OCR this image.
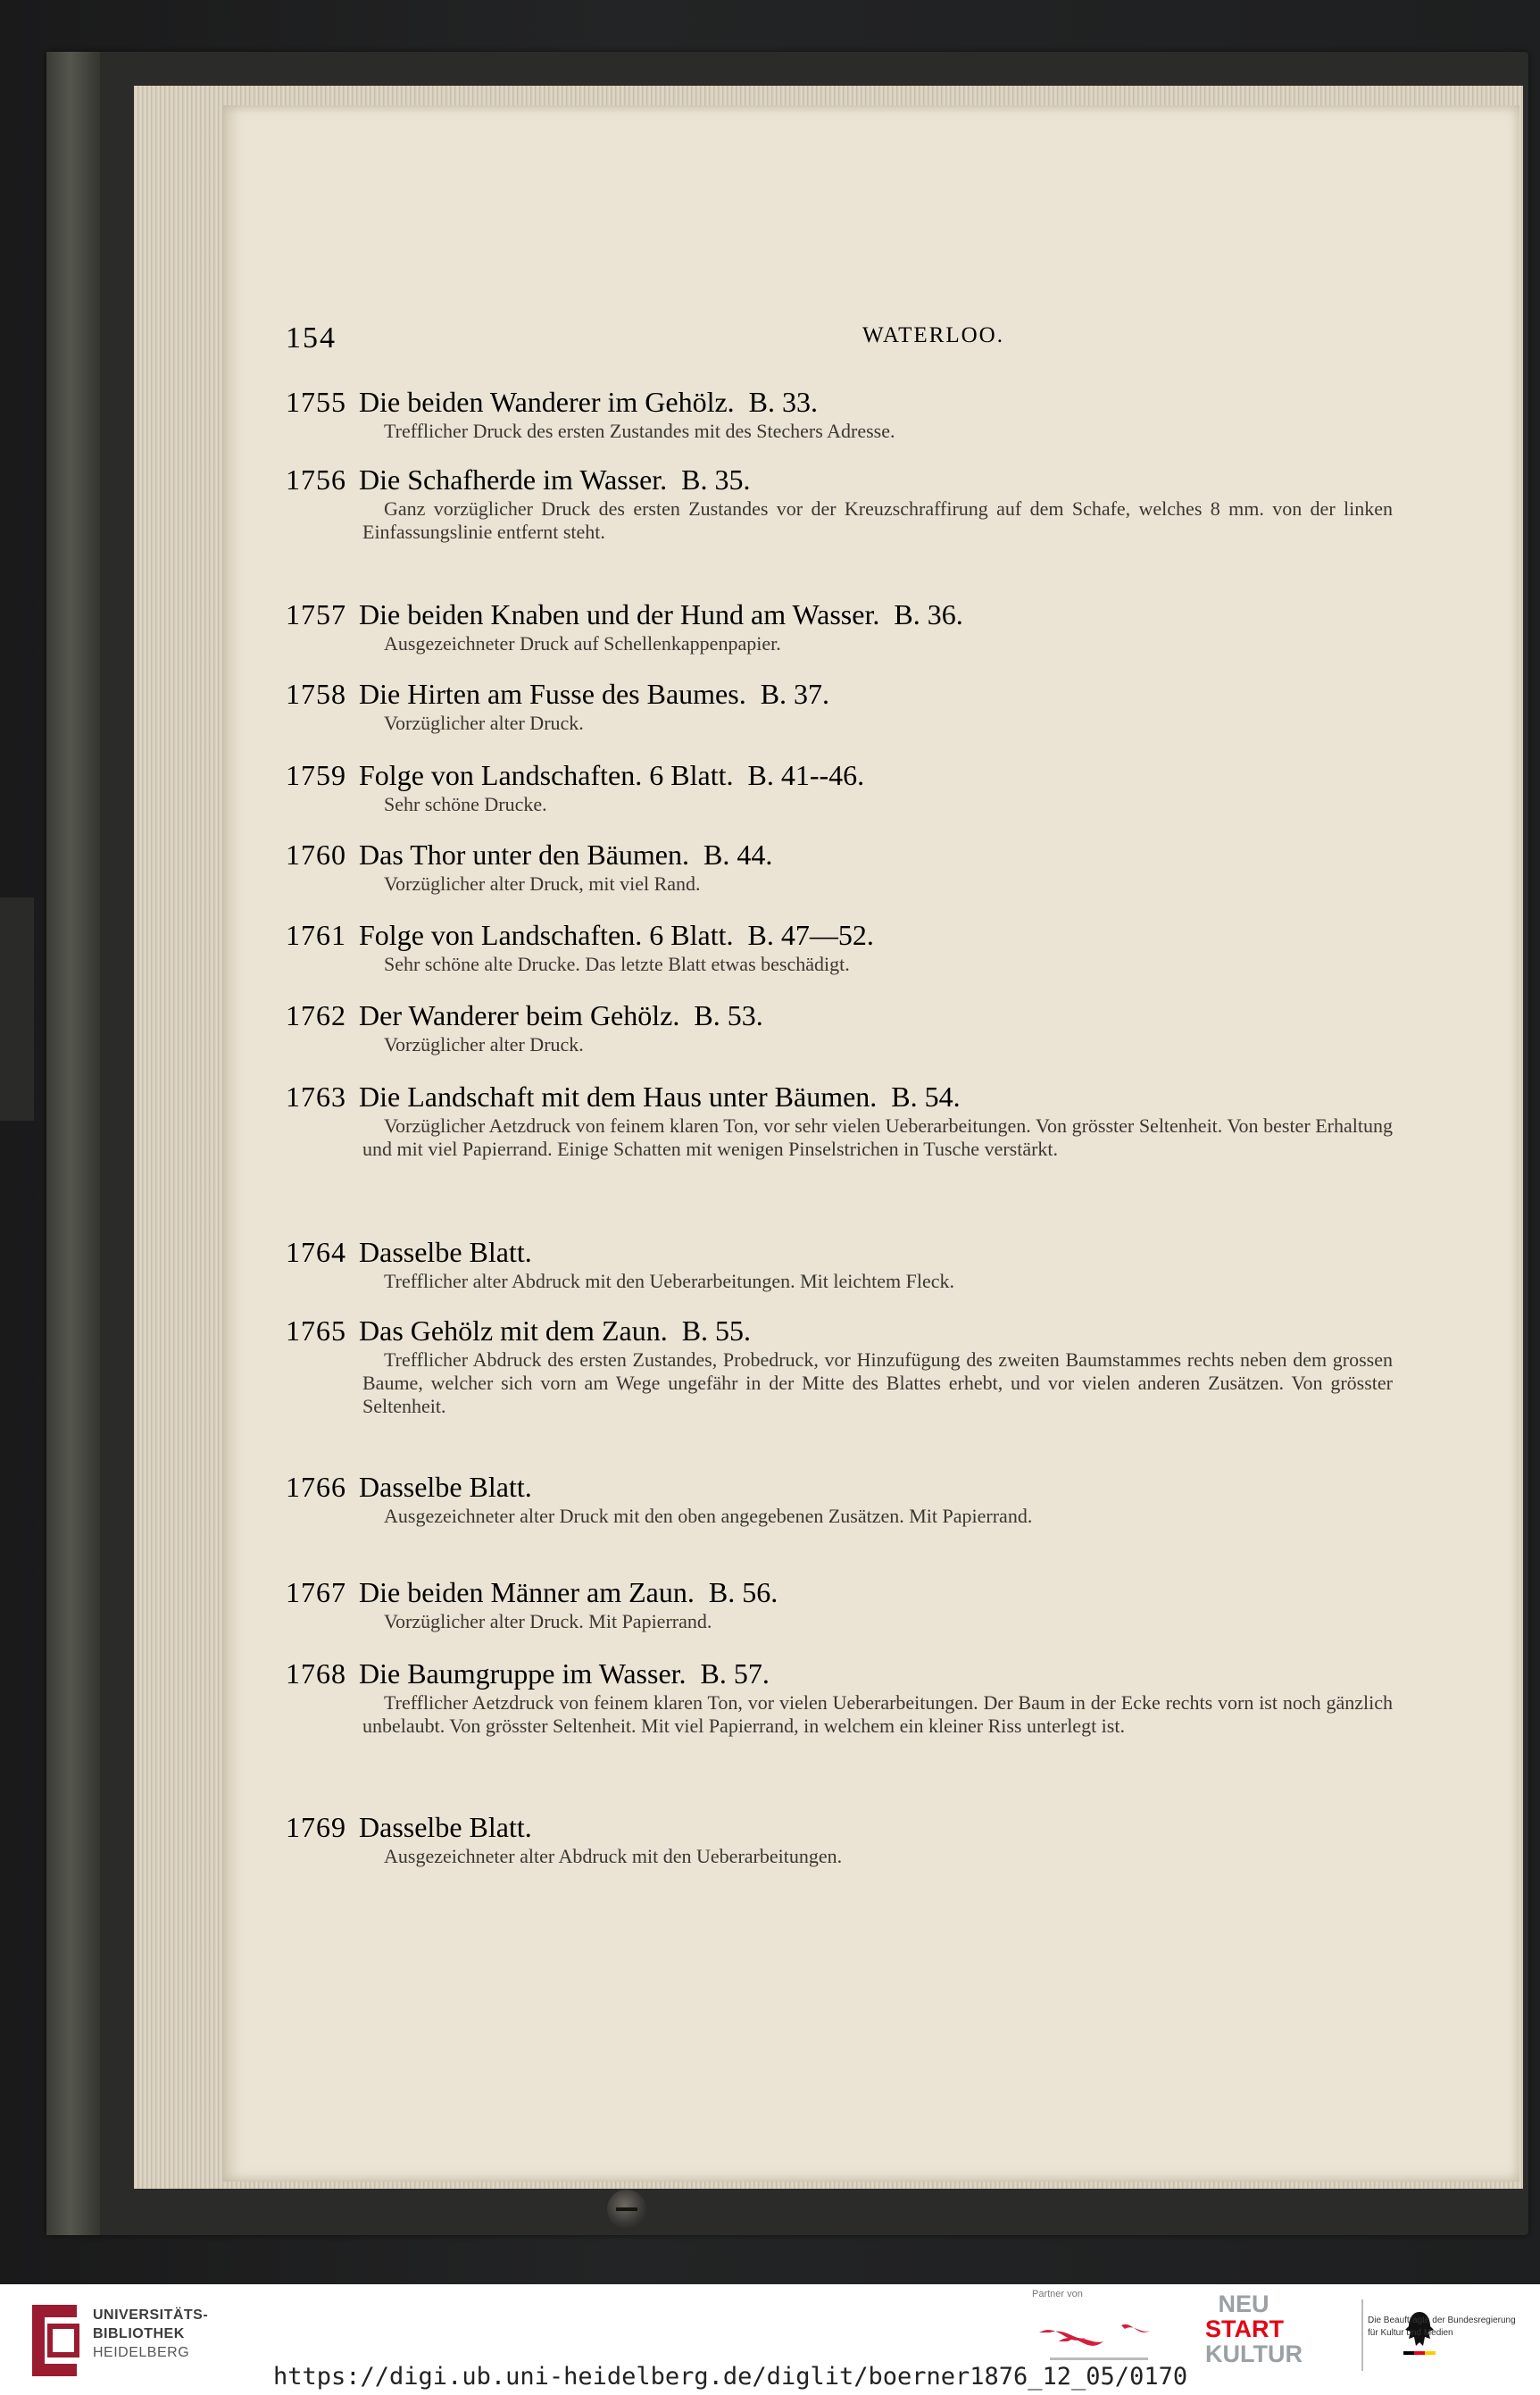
154	WATERLOO.
1755 Die beiden Wanderer im Gehölz. B. 33.
Trefflicher Druck des ersten Zustandes mit des Stechers Adresse.
1756 Die Schafherde im Wasser. B. 35.
Ganz vorzüglicher Druck des ersten Zustandes vor der Kreuzschraffirung auf dem Schafe, welches 8 mm. von der linken Einfassungslinie entfernt steht.
1757 Die beiden Knaben und der Hund am Wasser. B. 36.
Ausgezeichneter Druck auf Schellenkappenpapier.
1758 Die Hirten am Fusse des Baumes. B. 37.
Vorzüglicher alter Druck.
1759 Folge von Landschaften. 6 Blatt. B. 41--46.
Sehr schöne Drucke.
1760 Das Thor unter den Bäumen. B. 44.
Vorzüglicher alter Druck, mit viel Rand.
1761 Folge von Landschaften. 6 Blatt. B. 47—52.
Sehr schöne alte Drucke. Das letzte Blatt etwas beschädigt.
1762 Der Wanderer beim Gehölz. B. 53.
Vorzüglicher alter Druck.
1763 Die Landschaft mit dem Haus unter Bäumen. B. 54.
Vorzüglicher Aetzdruck von feinem klaren Ton, vor sehr vielen Ueberarbeitungen. Von grösster Seltenheit. Von bester Erhaltung und mit viel Papierrand. Einige Schatten mit wenigen Pinselstrichen in Tusche verstärkt.
1764 Dasselbe Blatt.
Trefflicher alter Abdruck mit den Ueberarbeitungen. Mit leichtem Fleck.
1765 Das Gehölz mit dem Zaun. B. 55.
Trefflicher Abdruck des ersten Zustandes, Probedruck, vor Hinzufügung des zweiten Baumstammes rechts neben dem grossen Baume, welcher sich vorn am Wege ungefähr in der Mitte des Blattes erhebt, und vor vielen anderen Zusätzen. Von grösster Seltenheit.
1766 Dasselbe Blatt.
Ausgezeichneter alter Druck mit den oben angegebenen Zusätzen. Mit Papierrand.
1767 Die beiden Männer am Zaun. B. 56.
Vorzüglicher alter Druck. Mit Papierrand.
1768 Die Baumgruppe im Wasser. B. 57.
Trefflicher Aetzdruck von feinem klaren Ton, vor vielen Ueberarbeitungen. Der Baum in der Ecke rechts vorn ist noch gänzlich unbelaubt. Von grösster Seltenheit. Mit viel Papierrand, in welchem ein kleiner Riss unterlegt ist.
1769 Dasselbe Blatt.
Ausgezeichneter alter Abdruck mit den Ueberarbeitungen.
UNIVERSITÄTS-
BIBLIOTHEK
HEIDELBERG
https://digi.ub.uni-heidelberg.de/diglit/boerner1876_12_05/0170
Partner von	NEU
START
KULTUR
Die Beauftragte der Bundesregierung
für Kultur und Medien
